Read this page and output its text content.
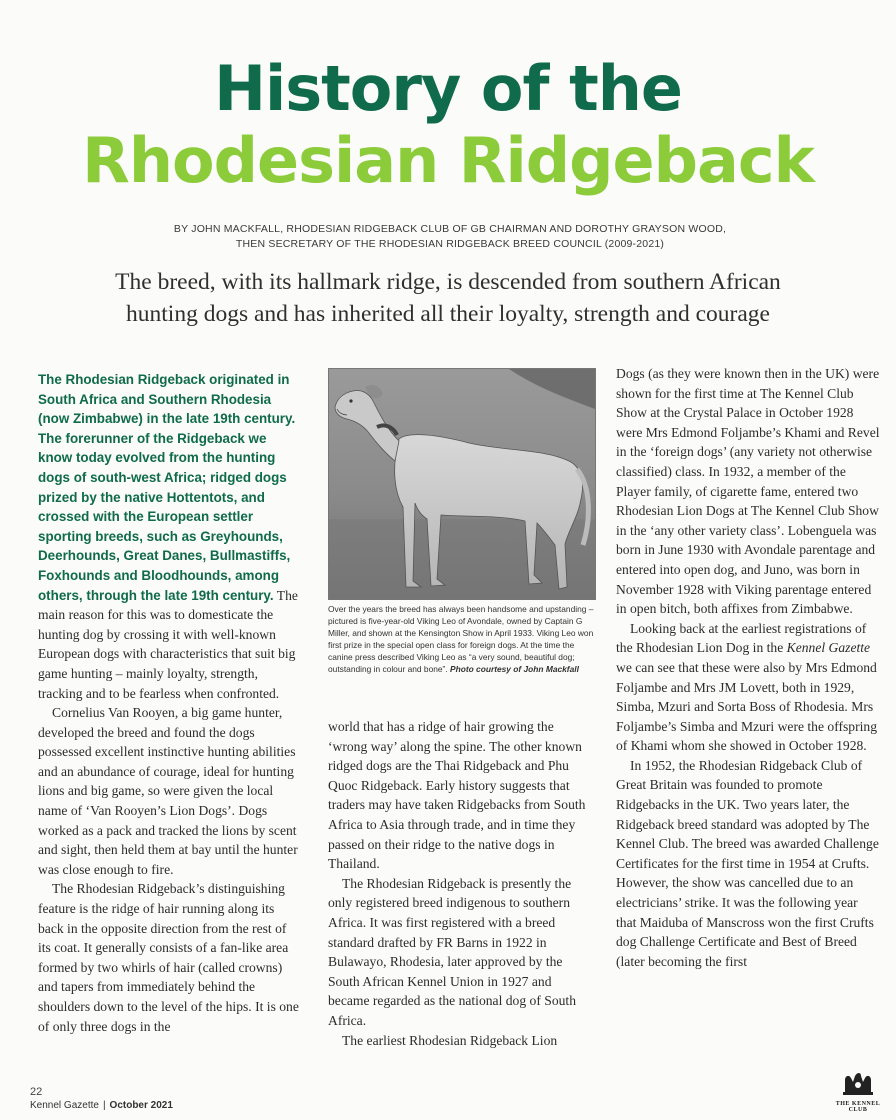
History of the
Rhodesian Ridgeback
BY JOHN MACKFALL, RHODESIAN RIDGEBACK CLUB OF GB CHAIRMAN AND DOROTHY GRAYSON WOOD,
THEN SECRETARY OF THE RHODESIAN RIDGEBACK BREED COUNCIL (2009-2021)
The breed, with its hallmark ridge, is descended from southern African
hunting dogs and has inherited all their loyalty, strength and courage

The Rhodesian Ridgeback originated in South Africa and Southern Rhodesia (now Zimbabwe) in the late 19th century. The forerunner of the Ridgeback we know today evolved from the hunting dogs of south-west Africa; ridged dogs prized by the native Hottentots, and crossed with the European settler sporting breeds, such as Greyhounds, Deerhounds, Great Danes, Bullmastiffs, Foxhounds and Bloodhounds, among others, through the late 19th century. The main reason for this was to domesticate the hunting dog by crossing it with well-known European dogs with characteristics that suit big game hunting – mainly loyalty, strength, tracking and to be fearless when confronted.

Cornelius Van Rooyen, a big game hunter, developed the breed and found the dogs possessed excellent instinctive hunting abilities and an abundance of courage, ideal for hunting lions and big game, so were given the local name of ‘Van Rooyen’s Lion Dogs’. Dogs worked as a pack and tracked the lions by scent and sight, then held them at bay until the hunter was close enough to fire.

The Rhodesian Ridgeback’s distinguishing feature is the ridge of hair running along its back in the opposite direction from the rest of its coat. It generally consists of a fan-like area formed by two whirls of hair (called crowns) and tapers from immediately behind the shoulders down to the level of the hips. It is one of only three dogs in the

Over the years the breed has always been handsome and upstanding – pictured is five-year-old Viking Leo of Avondale, owned by Captain G Miller, and shown at the Kensington Show in April 1933. Viking Leo won first prize in the special open class for foreign dogs. At the time the canine press described Viking Leo as “a very sound, beautiful dog; outstanding in colour and bone”. Photo courtesy of John Mackfall

world that has a ridge of hair growing the ‘wrong way’ along the spine. The other known ridged dogs are the Thai Ridgeback and Phu Quoc Ridgeback. Early history suggests that traders may have taken Ridgebacks from South Africa to Asia through trade, and in time they passed on their ridge to the native dogs in Thailand.

The Rhodesian Ridgeback is presently the only registered breed indigenous to southern Africa. It was first registered with a breed standard drafted by FR Barns in 1922 in Bulawayo, Rhodesia, later approved by the South African Kennel Union in 1927 and became regarded as the national dog of South Africa.

The earliest Rhodesian Ridgeback Lion

Dogs (as they were known then in the UK) were shown for the first time at The Kennel Club Show at the Crystal Palace in October 1928 were Mrs Edmond Foljambe’s Khami and Revel in the ‘foreign dogs’ (any variety not otherwise classified) class. In 1932, a member of the Player family, of cigarette fame, entered two Rhodesian Lion Dogs at The Kennel Club Show in the ‘any other variety class’. Lobenguela was born in June 1930 with Avondale parentage and entered into open dog, and Juno, was born in November 1928 with Viking parentage entered in open bitch, both affixes from Zimbabwe.

Looking back at the earliest registrations of the Rhodesian Lion Dog in the Kennel Gazette we can see that these were also by Mrs Edmond Foljambe and Mrs JM Lovett, both in 1929, Simba, Mzuri and Sorta Boss of Rhodesia. Mrs Foljambe’s Simba and Mzuri were the offspring of Khami whom she showed in October 1928.

In 1952, the Rhodesian Ridgeback Club of Great Britain was founded to promote Ridgebacks in the UK. Two years later, the Ridgeback breed standard was adopted by The Kennel Club. The breed was awarded Challenge Certificates for the first time in 1954 at Crufts. However, the show was cancelled due to an electricians’ strike. It was the following year that Maiduba of Manscross won the first Crufts dog Challenge Certificate and Best of Breed (later becoming the first

22
Kennel Gazette | October 2021	THE KENNEL CLUB
